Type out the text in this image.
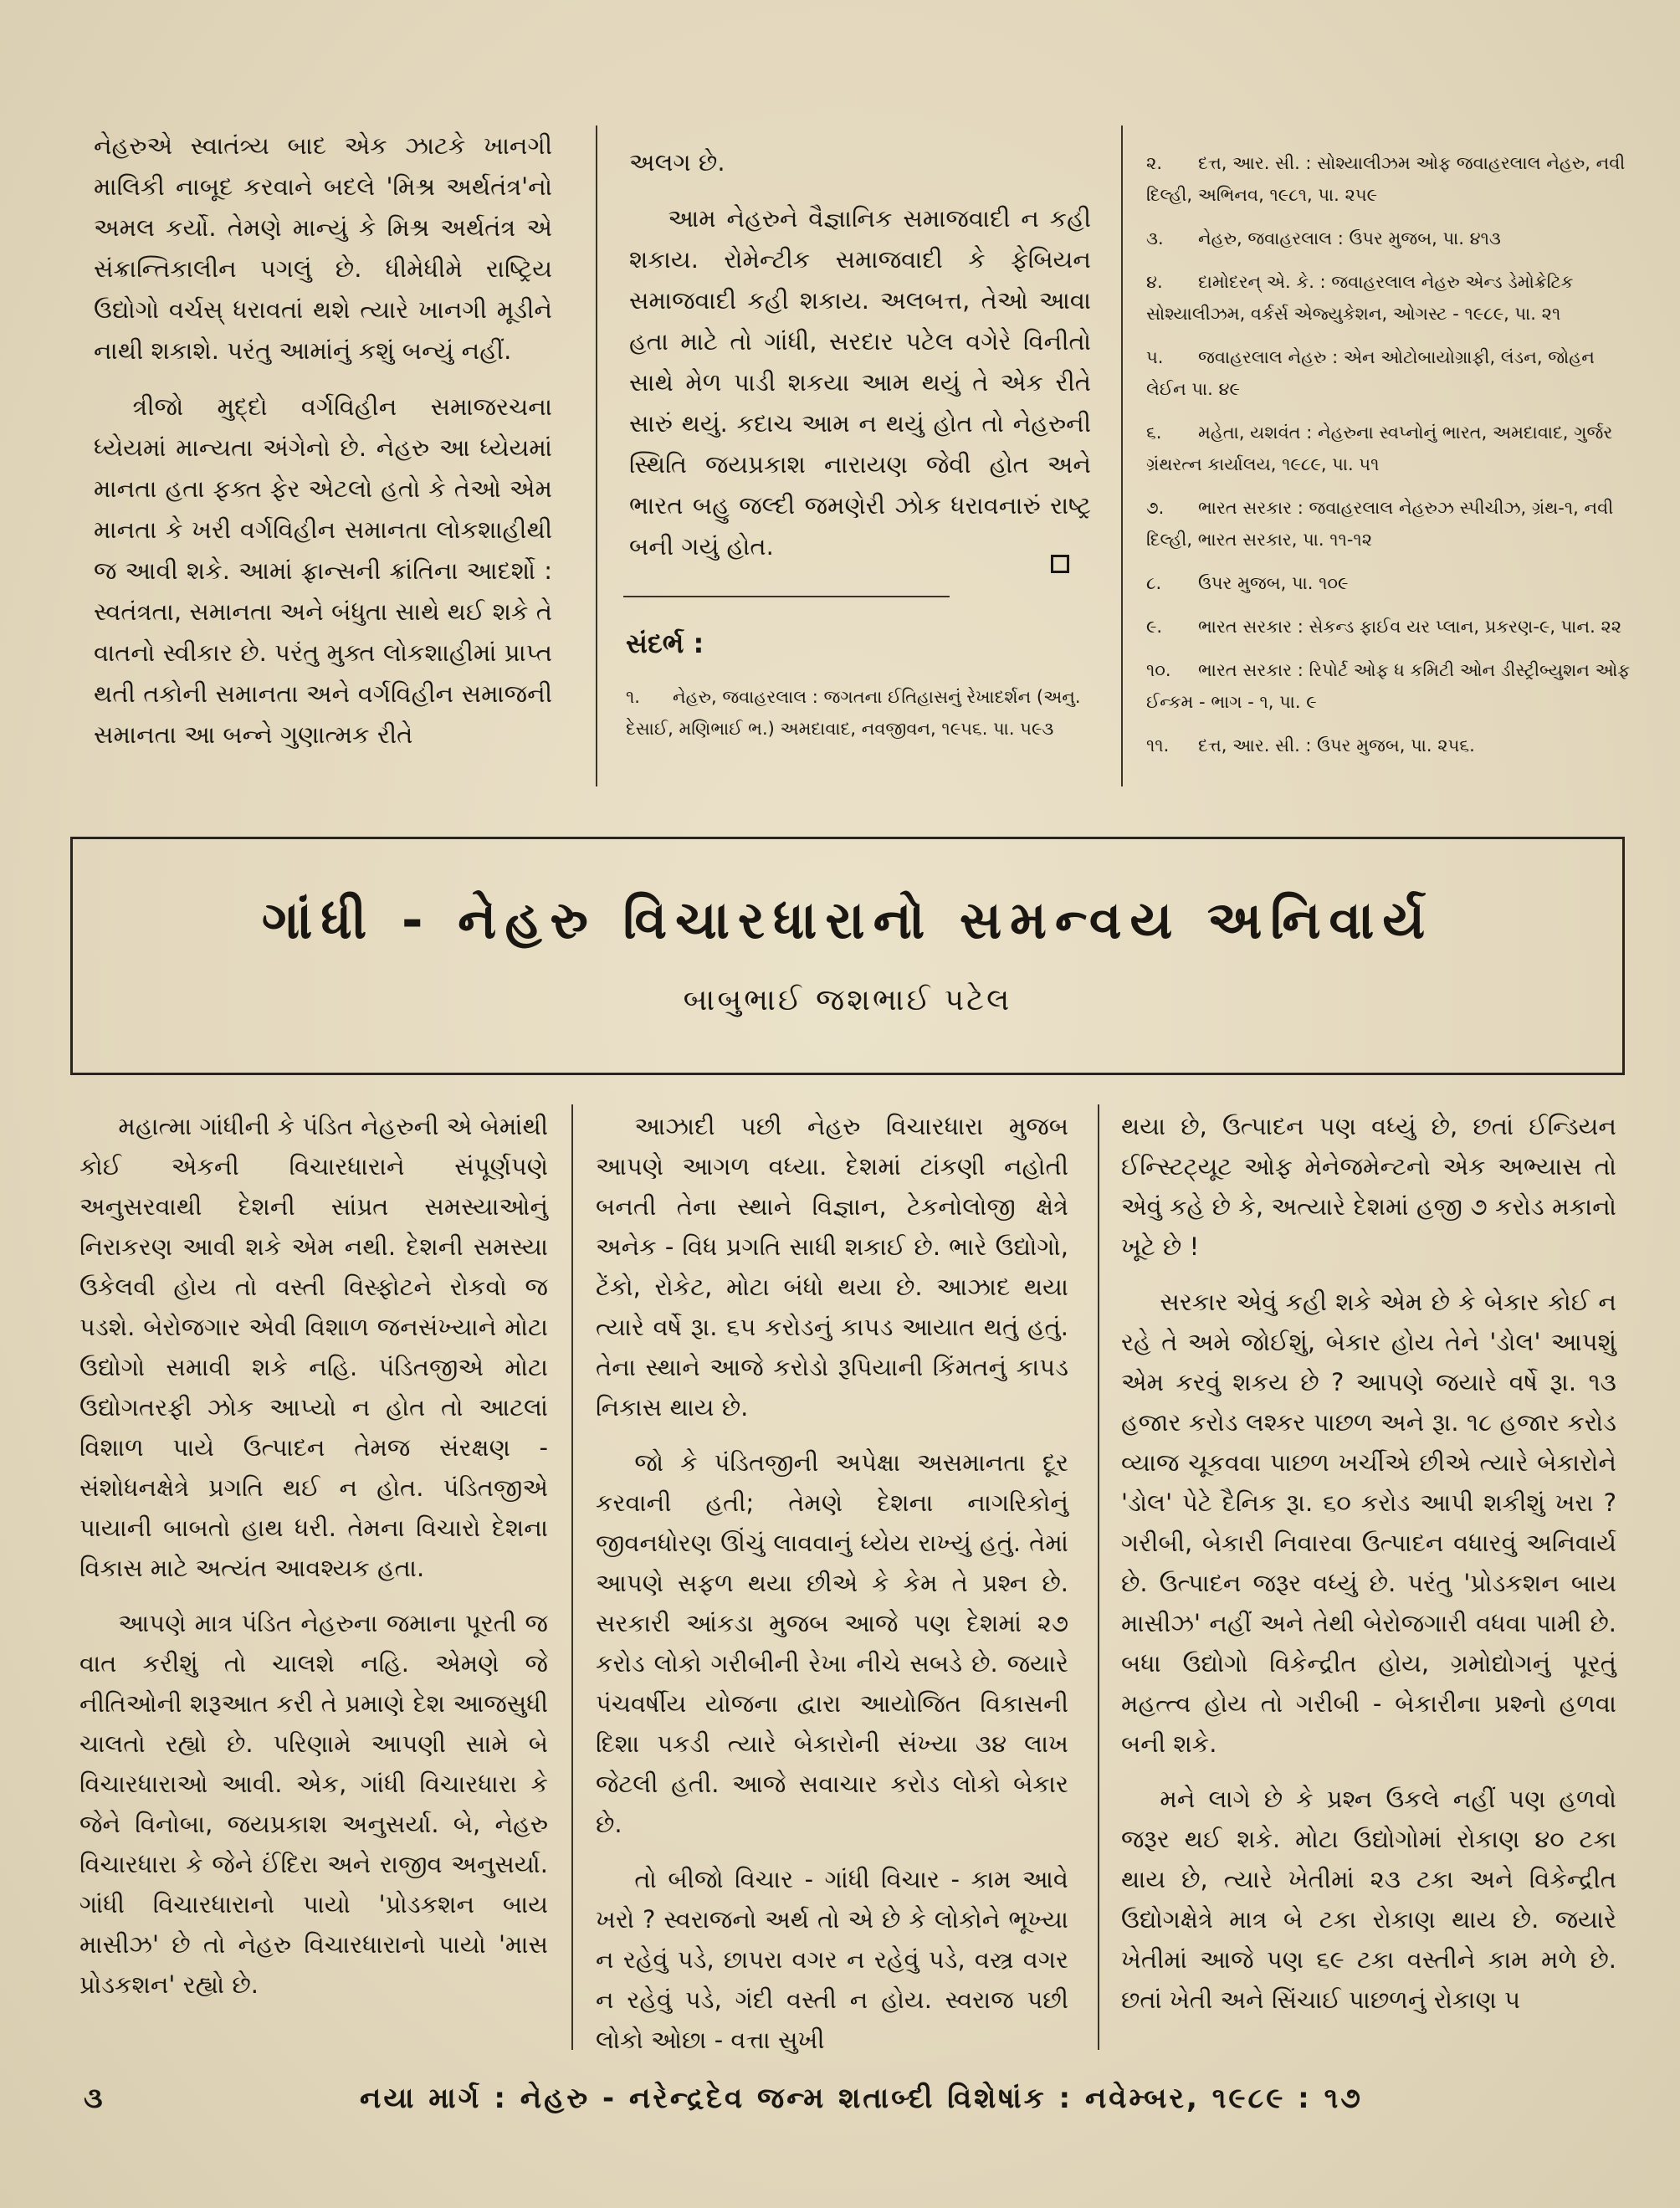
નેહરુએ સ્વાતંત્ર્ય બાદ એક ઝાટકે ખાનગી માલિકી નાબૂદ કરવાને બદલે 'મિશ્ર અર્થતંત્ર'નો અમલ કર્યો. તેમણે માન્યું કે મિશ્ર અર્થતંત્ર એ સંક્રાન્તિકાલીન પગલું છે. ધીમેધીમે રાષ્ટ્રિય ઉદ્યોગો વર્ચસ્ ધરાવતાં થશે ત્યારે ખાનગી મૂડીને નાથી શકાશે. પરંતુ આમાંનું કશું બન્યું નહીં.

ત્રીજો મુદ્દો વર્ગવિહીન સમાજરચના ધ્યેયમાં માન્યતા અંગેનો છે. નેહરુ આ ધ્યેયમાં માનતા હતા ફક્ત ફેર એટલો હતો કે તેઓ એમ માનતા કે ખરી વર્ગવિહીન સમાનતા લોકશાહીથી જ આવી શકે. આમાં ફ્રાન્સની ક્રાંતિના આદર્શો : સ્વતંત્રતા, સમાનતા અને બંધુતા સાથે થઈ શકે તે વાતનો સ્વીકાર છે. પરંતુ મુક્ત લોકશાહીમાં પ્રાપ્ત થતી તકોની સમાનતા અને વર્ગવિહીન સમાજની સમાનતા આ બન્ને ગુણાત્મક રીતે

અલગ છે.

આમ નેહરુને વૈજ્ઞાનિક સમાજવાદી ન કહી શકાય. રોમેન્ટીક સમાજવાદી કે ફેબિયન સમાજવાદી કહી શકાય. અલબત્ત, તેઓ આવા હતા માટે તો ગાંધી, સરદાર પટેલ વગેરે વિનીતો સાથે મેળ પાડી શકયા આમ થયું તે એક રીતે સારું થયું. કદાચ આમ ન થયું હોત તો નેહરુની સ્થિતિ જયપ્રકાશ નારાયણ જેવી હોત અને ભારત બહુ જલ્દી જમણેરી ઝોક ધરાવનારું રાષ્ટ્ર બની ગયું હોત.

સંદર્ભ :
૧. નેહરુ, જવાહરલાલ : જગતના ઈતિહાસનું રેખાદર્શન (અનુ. દેસાઈ, મણિભાઈ ભ.) અમદાવાદ, નવજીવન, ૧૯૫૬. પા. ૫૯૩
૨. દત્ત, આર. સી. : સોશ્યાલીઝમ ઓફ જવાહરલાલ નેહરુ, નવી દિલ્હી, અભિનવ, ૧૯૮૧, પા. ૨૫૯
૩. નેહરુ, જવાહરલાલ : ઉપર મુજબ, પા. ૪૧૩
૪. દામોદરન્ એ. કે. : જવાહરલાલ નેહરુ એન્ડ ડેમોક્રેટિક સોશ્યાલીઝમ, વર્કર્સ એજ્યુકેશન, ઓગસ્ટ - ૧૯૮૯, પા. ૨૧
૫. જવાહરલાલ નેહરુ : એન ઓટોબાયોગ્રાફી, લંડન, જોહન લેઈન પા. ૪૯
૬. મહેતા, યશવંત : નેહરુના સ્વપ્નોનું ભારત, અમદાવાદ, ગુર્જર ગ્રંથરત્ન કાર્યાલય, ૧૯૮૯, પા. ૫૧
૭. ભારત સરકાર : જવાહરલાલ નેહરુઝ સ્પીચીઝ, ગ્રંથ-૧, નવી દિલ્હી, ભારત સરકાર, પા. ૧૧-૧૨
૮. ઉપર મુજબ, પા. ૧૦૯
૯. ભારત સરકાર : સેકન્ડ ફાઈવ યર પ્લાન, પ્રકરણ-૯, પાન. ૨૨
૧૦. ભારત સરકાર : રિપોર્ટ ઓફ ધ કમિટી ઓન ડીસ્ટ્રીબ્યુશન ઓફ ઈન્કમ - ભાગ - ૧, પા. ૯
૧૧. દત્ત, આર. સી. : ઉપર મુજબ, પા. ૨૫૬.
ગાંધી - નેહરુ વિચારધારાનો સમન્વય અનિવાર્ય
બાબુભાઈ જશભાઈ પટેલ

મહાત્મા ગાંધીની કે પંડિત નેહરુની એ બેમાંથી કોઈ એકની વિચારધારાને સંપૂર્ણપણે અનુસરવાથી દેશની સાંપ્રત સમસ્યાઓનું નિરાકરણ આવી શકે એમ નથી. દેશની સમસ્યા ઉકેલવી હોય તો વસ્તી વિસ્ફોટને રોકવો જ પડશે. બેરોજગાર એવી વિશાળ જનસંખ્યાને મોટા ઉદ્યોગો સમાવી શકે નહિ. પંડિતજીએ મોટા ઉદ્યોગતરફી ઝોક આપ્યો ન હોત તો આટલાં વિશાળ પાયે ઉત્પાદન તેમજ સંરક્ષણ - સંશોધનક્ષેત્રે પ્રગતિ થઈ ન હોત. પંડિતજીએ પાયાની બાબતો હાથ ધરી. તેમના વિચારો દેશના વિકાસ માટે અત્યંત આવશ્યક હતા.

આપણે માત્ર પંડિત નેહરુના જમાના પૂરતી જ વાત કરીશું તો ચાલશે નહિ. એમણે જે નીતિઓની શરૂઆત કરી તે પ્રમાણે દેશ આજસુધી ચાલતો રહ્યો છે. પરિણામે આપણી સામે બે વિચારધારાઓ આવી. એક, ગાંધી વિચારધારા કે જેને વિનોબા, જયપ્રકાશ અનુસર્યા. બે, નેહરુ વિચારધારા કે જેને ઈંદિરા અને રાજીવ અનુસર્યા. ગાંધી વિચારધારાનો પાયો 'પ્રોડકશન બાય માસીઝ' છે તો નેહરુ વિચારધારાનો પાયો 'માસ પ્રોડકશન' રહ્યો છે.

આઝાદી પછી નેહરુ વિચારધારા મુજબ આપણે આગળ વધ્યા. દેશમાં ટાંકણી નહોતી બનતી તેના સ્થાને વિજ્ઞાન, ટેકનોલોજી ક્ષેત્રે અનેક - વિધ પ્રગતિ સાધી શકાઈ છે. ભારે ઉદ્યોગો, ટેંકો, રોકેટ, મોટા બંધો થયા છે. આઝાદ થયા ત્યારે વર્ષે રૂા. ૬૫ કરોડનું કાપડ આયાત થતું હતું. તેના સ્થાને આજે કરોડો રૂપિયાની કિંમતનું કાપડ નિકાસ થાય છે.

જો કે પંડિતજીની અપેક્ષા અસમાનતા દૂર કરવાની હતી; તેમણે દેશના નાગરિકોનું જીવનધોરણ ઊંચું લાવવાનું ધ્યેય રાખ્યું હતું. તેમાં આપણે સફળ થયા છીએ કે કેમ તે પ્રશ્ન છે. સરકારી આંકડા મુજબ આજે પણ દેશમાં ૨૭ કરોડ લોકો ગરીબીની રેખા નીચે સબડે છે. જયારે પંચવર્ષીય યોજના દ્વારા આયોજિત વિકાસની દિશા પકડી ત્યારે બેકારોની સંખ્યા ૩૪ લાખ જેટલી હતી. આજે સવાચાર કરોડ લોકો બેકાર છે.

તો બીજો વિચાર - ગાંધી વિચાર - કામ આવે ખરો ? સ્વરાજનો અર્થ તો એ છે કે લોકોને ભૂખ્યા ન રહેવું પડે, છાપરા વગર ન રહેવું પડે, વસ્ત્ર વગર ન રહેવું પડે, ગંદી વસ્તી ન હોય. સ્વરાજ પછી લોકો ઓછા - વત્તા સુખી

થયા છે, ઉત્પાદન પણ વધ્યું છે, છતાં ઈન્ડિયન ઈન્સ્ટિટ્યૂટ ઓફ મેનેજમેન્ટનો એક અભ્યાસ તો એવું કહે છે કે, અત્યારે દેશમાં હજી ૭ કરોડ મકાનો ખૂટે છે !

સરકાર એવું કહી શકે એમ છે કે બેકાર કોઈ ન રહે તે અમે જોઈશું, બેકાર હોય તેને 'ડોલ' આપશું એમ કરવું શકય છે ? આપણે જયારે વર્ષે રૂા. ૧૩ હજાર કરોડ લશ્કર પાછળ અને રૂા. ૧૮ હજાર કરોડ વ્યાજ ચૂકવવા પાછળ ખર્ચીએ છીએ ત્યારે બેકારોને 'ડોલ' પેટે દૈનિક રૂા. ૬૦ કરોડ આપી શકીશું ખરા ? ગરીબી, બેકારી નિવારવા ઉત્પાદન વધારવું અનિવાર્ય છે. ઉત્પાદન જરૂર વધ્યું છે. પરંતુ 'પ્રોડકશન બાય માસીઝ' નહીં અને તેથી બેરોજગારી વધવા પામી છે. બધા ઉદ્યોગો વિકેન્દ્રીત હોય, ગ્રમોદ્યોગનું પૂરતું મહત્ત્વ હોય તો ગરીબી - બેકારીના પ્રશ્નો હળવા બની શકે.

મને લાગે છે કે પ્રશ્ન ઉકલે નહીં પણ હળવો જરૂર થઈ શકે. મોટા ઉદ્યોગોમાં રોકાણ ૪૦ ટકા થાય છે, ત્યારે ખેતીમાં ૨૩ ટકા અને વિકેન્દ્રીત ઉદ્યોગક્ષેત્રે માત્ર બે ટકા રોકાણ થાય છે. જયારે ખેતીમાં આજે પણ ૬૯ ટકા વસ્તીને કામ મળે છે. છતાં ખેતી અને સિંચાઈ પાછળનું રોકાણ ૫

૩	નયા માર્ગ : નેહરુ - નરેન્દ્રદેવ જન્મ શતાબ્દી વિશેષાંક : નવેમ્બર, ૧૯૮૯ : ૧૭
